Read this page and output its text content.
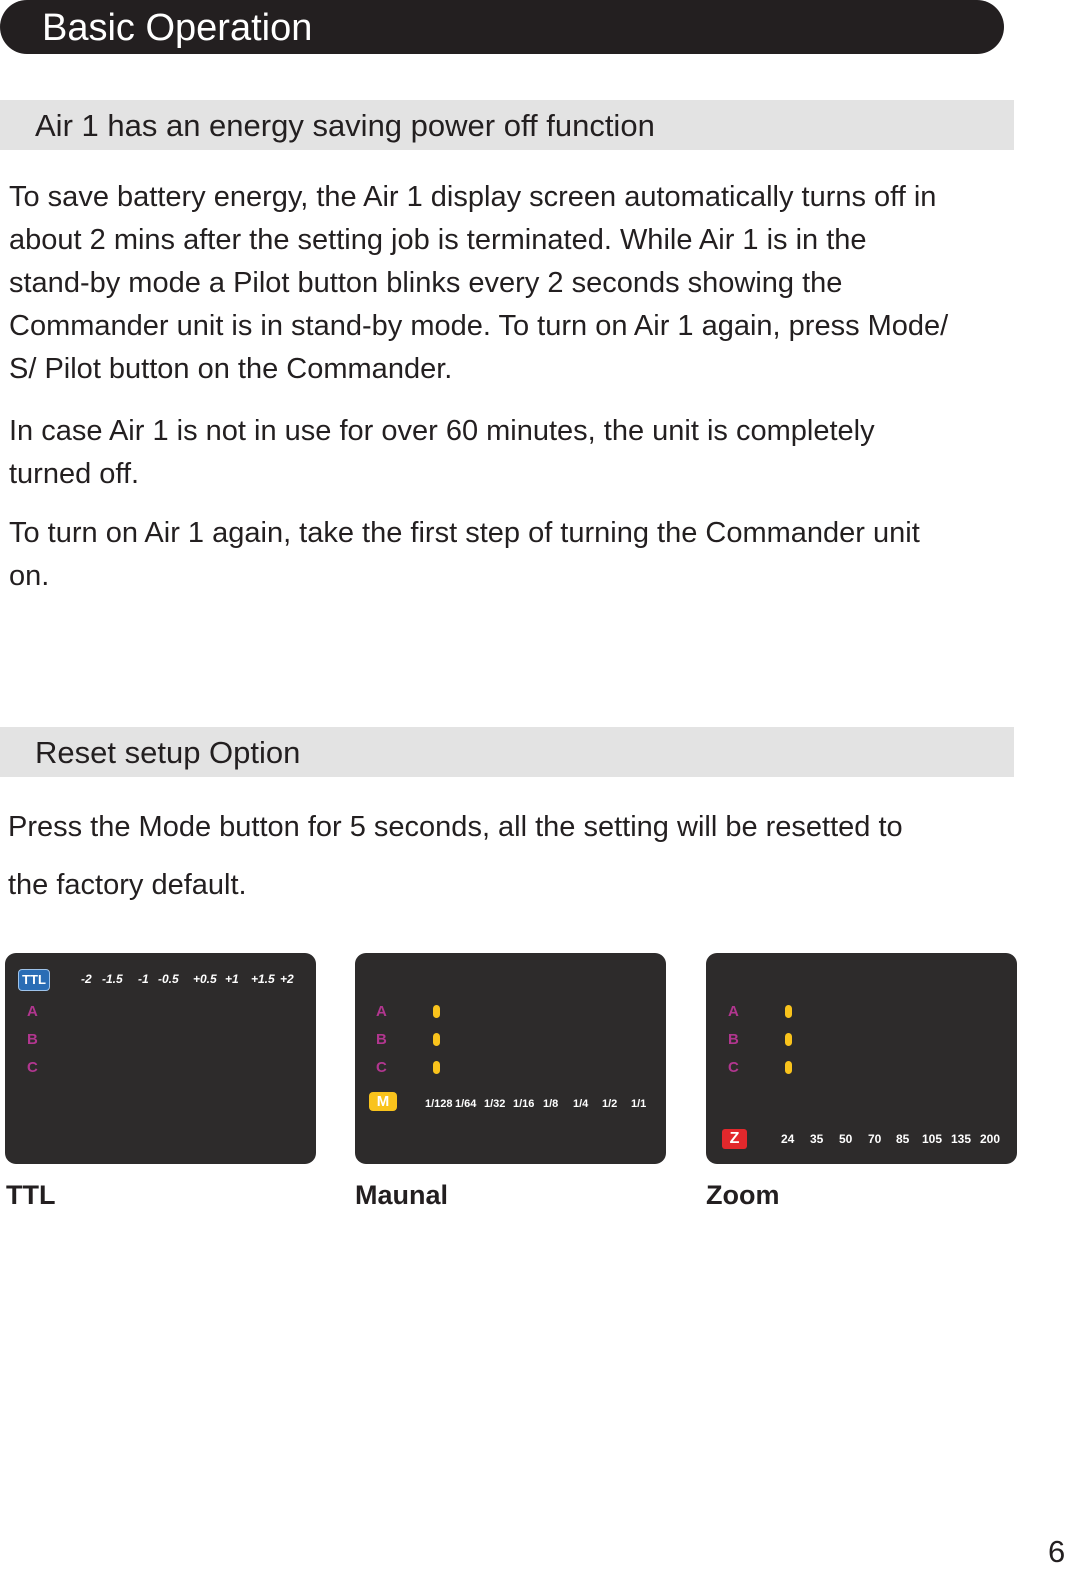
Basic Operation
Air 1 has an energy saving power off function

To save battery energy, the Air 1 display screen automatically turns off in
about 2 mins after the setting job is terminated. While Air 1 is in the
stand-by mode a Pilot button blinks every 2 seconds showing the
Commander unit is in stand-by mode. To turn on Air 1 again, press Mode/
S/ Pilot button on the Commander.

In case Air 1 is not in use for over 60 minutes, the unit is completely
turned off.

To turn on Air 1 again, take the first step of turning the Commander unit
on.

Reset setup Option

Press the Mode button for 5 seconds, all the setting will be resetted to

the factory default.

TTL	-2 -1.5 -1 -0.5 +0.5 +1 +1.5 +2
A
B
C
A
B
C
M	1/128 1/64 1/32 1/16 1/8 1/4 1/2 1/1
A
B
C
Z	24 35 50 70 85 105 135 200
TTL	Maunal	Zoom
6
